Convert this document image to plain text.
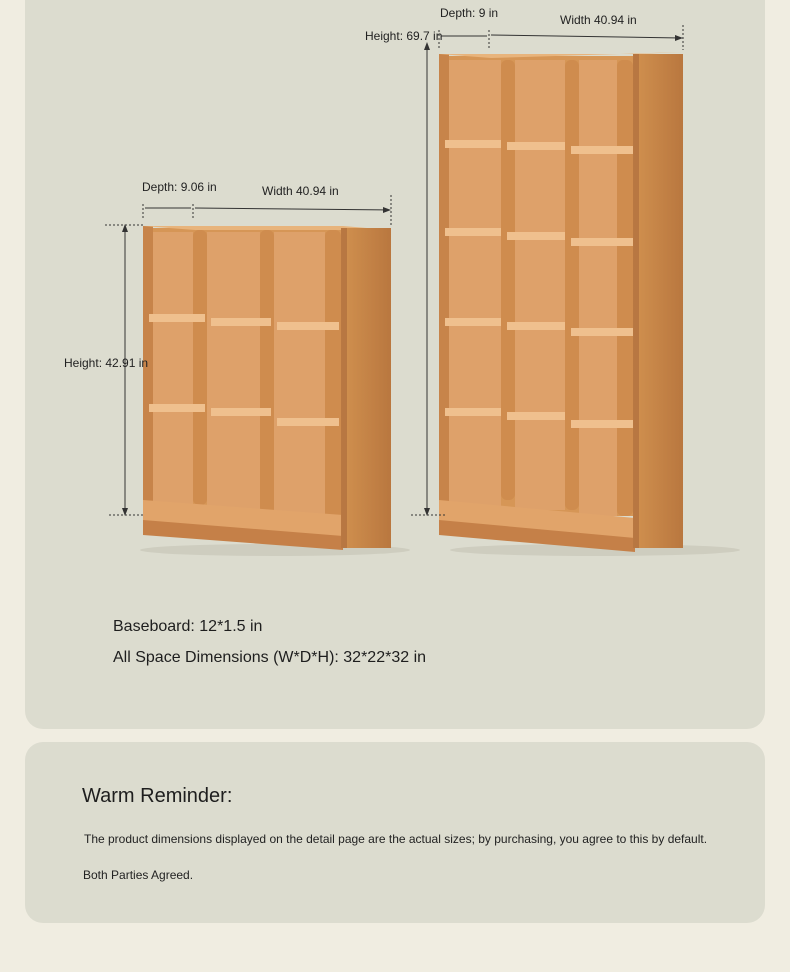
Depth: 9.06 in	Width 40.94 in
Height: 42.91 in
Depth: 9 in	Width 40.94 in
Height: 69.7 in
Baseboard: 12*1.5 in
All Space Dimensions (W*D*H): 32*22*32 in
Warm Reminder:
The product dimensions displayed on the detail page are the actual sizes; by purchasing, you agree to this by default.
Both Parties Agreed.
